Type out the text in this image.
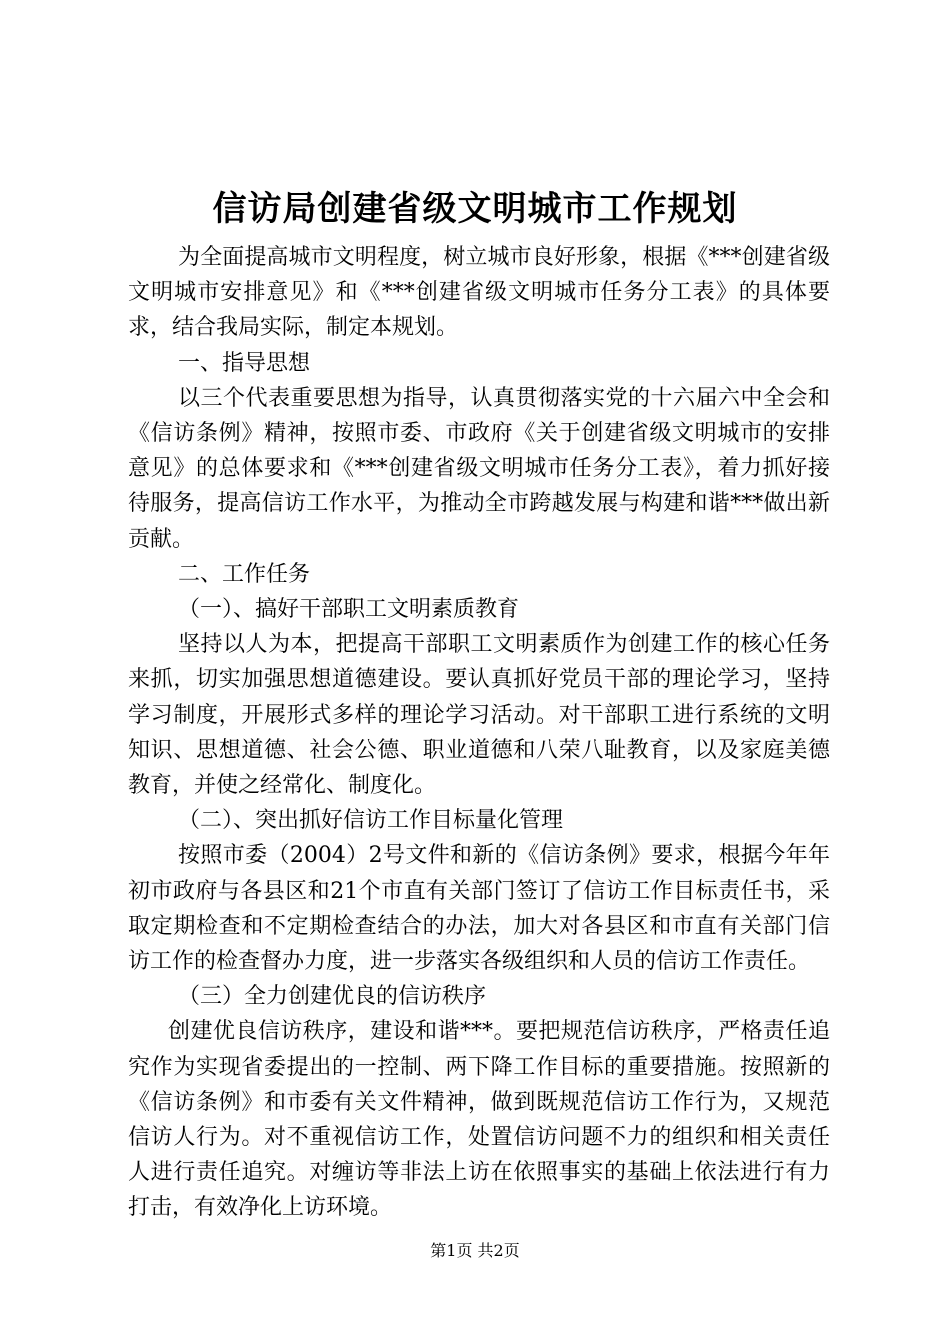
信访局创建省级文明城市工作规划

为全面提高城市文明程度，树立城市良好形象，根据《***创建省级文明城市安排意见》和《***创建省级文明城市任务分工表》的具体要求，结合我局实际，制定本规划。

一、指导思想

以三个代表重要思想为指导，认真贯彻落实党的十六届六中全会和《信访条例》精神，按照市委、市政府《关于创建省级文明城市的安排意见》的总体要求和《***创建省级文明城市任务分工表》，着力抓好接待服务，提高信访工作水平，为推动全市跨越发展与构建和谐***做出新贡献。

二、工作任务

（一）、搞好干部职工文明素质教育

坚持以人为本，把提高干部职工文明素质作为创建工作的核心任务来抓，切实加强思想道德建设。要认真抓好党员干部的理论学习，坚持学习制度，开展形式多样的理论学习活动。对干部职工进行系统的文明知识、思想道德、社会公德、职业道德和八荣八耻教育，以及家庭美德教育，并使之经常化、制度化。

（二）、突出抓好信访工作目标量化管理

按照市委（2004）2号文件和新的《信访条例》要求，根据今年年初市政府与各县区和21个市直有关部门签订了信访工作目标责任书，采取定期检查和不定期检查结合的办法，加大对各县区和市直有关部门信访工作的检查督办力度，进一步落实各级组织和人员的信访工作责任。

（三）全力创建优良的信访秩序

创建优良信访秩序，建设和谐***。要把规范信访秩序，严格责任追究作为实现省委提出的一控制、两下降工作目标的重要措施。按照新的《信访条例》和市委有关文件精神，做到既规范信访工作行为，又规范信访人行为。对不重视信访工作，处置信访问题不力的组织和相关责任人进行责任追究。对缠访等非法上访在依照事实的基础上依法进行有力打击，有效净化上访环境。

第1页 共2页
